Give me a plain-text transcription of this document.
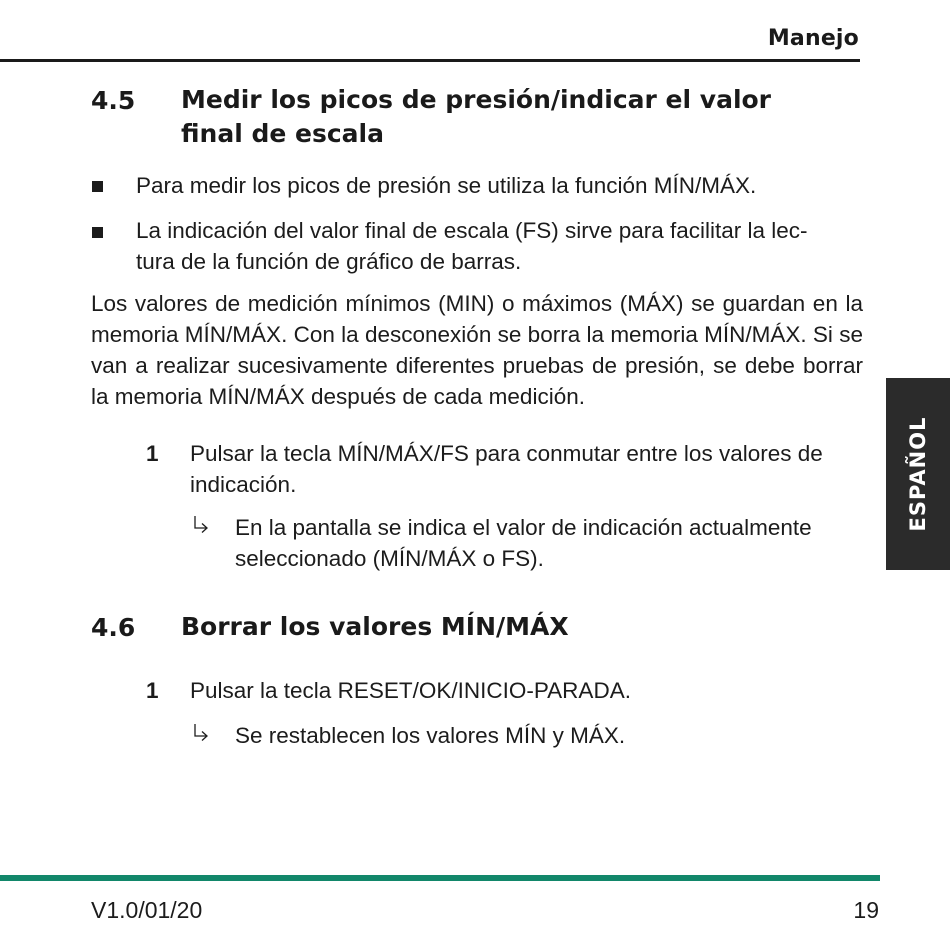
Manejo
4.5 Medir los picos de presión/indicar el valor final de escala
Para medir los picos de presión se utiliza la función MÍN/MÁX.
La indicación del valor final de escala (FS) sirve para facilitar la lec-
tura de la función de gráfico de barras.
Los valores de medición mínimos (MIN) o máximos (MÁX) se guardan en la memoria MÍN/MÁX. Con la desconexión se borra la memoria MÍN/MÁX. Si se van a realizar sucesivamente diferentes pruebas de presión, se debe borrar la memoria MÍN/MÁX después de cada medición.
1 Pulsar la tecla MÍN/MÁX/FS para conmutar entre los valores de indicación.
En la pantalla se indica el valor de indicación actualmente seleccionado (MÍN/MÁX o FS).
4.6 Borrar los valores MÍN/MÁX
1 Pulsar la tecla RESET/OK/INICIO-PARADA.
Se restablecen los valores MÍN y MÁX.
ESPAÑOL
V1.0/01/20	19
